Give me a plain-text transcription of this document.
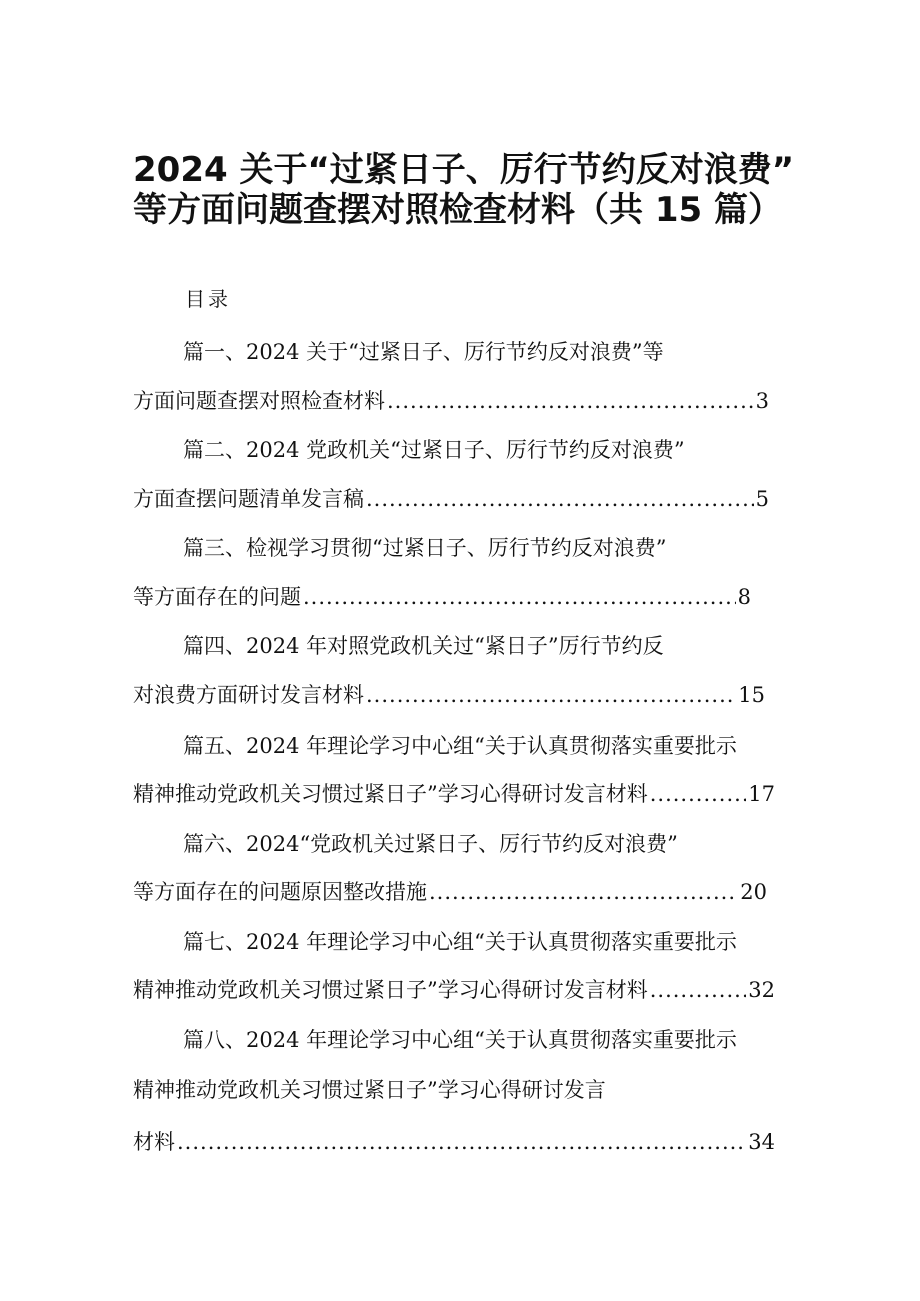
2024 关于“过紧日子、厉行节约反对浪费”
等方面问题查摆对照检查材料（共 15 篇）
目录
篇一、2024 关于“过紧日子、厉行节约反对浪费”等
方面问题查摆对照检查材料 .....	3
篇二、2024 党政机关“过紧日子、厉行节约反对浪费”
方面查摆问题清单发言稿 .....	5
篇三、检视学习贯彻“过紧日子、厉行节约反对浪费”
等方面存在的问题 .....	8
篇四、2024 年对照党政机关过“紧日子”厉行节约反
对浪费方面研讨发言材料 .....	15
篇五、2024 年理论学习中心组“关于认真贯彻落实重要批示
精神推动党政机关习惯过紧日子”学习心得研讨发言材料 .....	17
篇六、2024“党政机关过紧日子、厉行节约反对浪费”
等方面存在的问题原因整改措施 .....	20
篇七、2024 年理论学习中心组“关于认真贯彻落实重要批示
精神推动党政机关习惯过紧日子”学习心得研讨发言材料 .....	32
篇八、2024 年理论学习中心组“关于认真贯彻落实重要批示
精神推动党政机关习惯过紧日子”学习心得研讨发言
材料 .....	34
